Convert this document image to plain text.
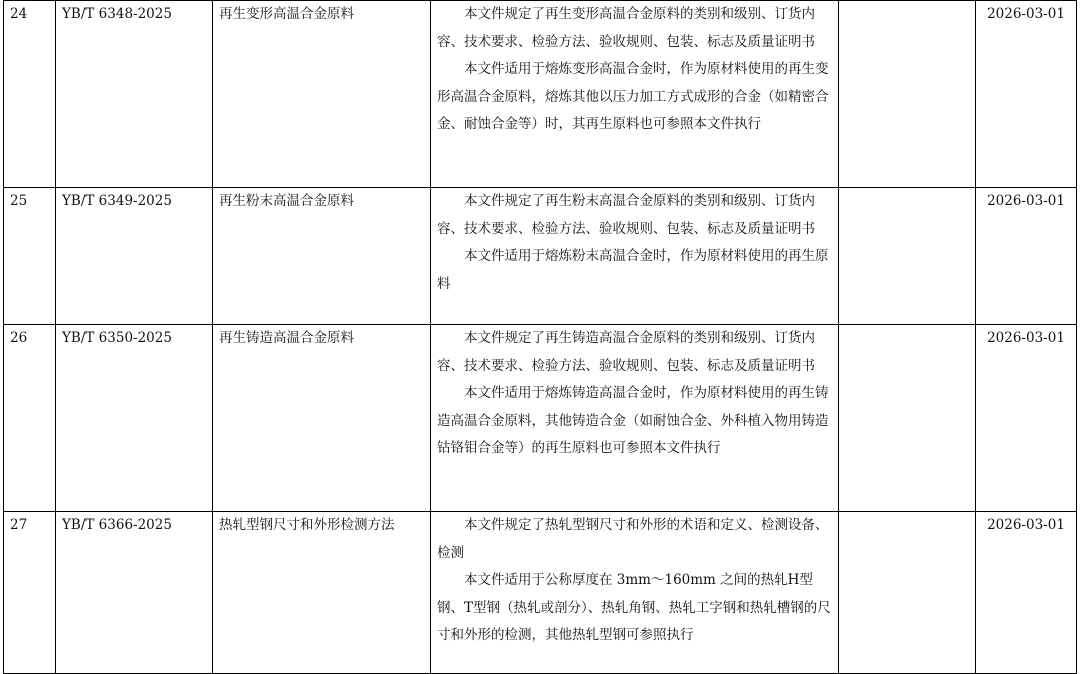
24	YB/T 6348-2025	再生变形高温合金原料	本文件规定了再生变形高温合金原料的类别和级别、订货内容、技术要求、检验方法、验收规则、包装、标志及质量证明书

本文件适用于熔炼变形高温合金时，作为原材料使用的再生变形高温合金原料，熔炼其他以压力加工方式成形的合金（如精密合金、耐蚀合金等）时，其再生原料也可参照本文件执行		2026-03-01
25	YB/T 6349-2025	再生粉末高温合金原料	本文件规定了再生粉末高温合金原料的类别和级别、订货内容、技术要求、检验方法、验收规则、包装、标志及质量证明书

本文件适用于熔炼粉末高温合金时，作为原材料使用的再生原料		2026-03-01
26	YB/T 6350-2025	再生铸造高温合金原料	本文件规定了再生铸造高温合金原料的类别和级别、订货内容、技术要求、检验方法、验收规则、包装、标志及质量证明书

本文件适用于熔炼铸造高温合金时，作为原材料使用的再生铸造高温合金原料，其他铸造合金（如耐蚀合金、外科植入物用铸造钴铬钼合金等）的再生原料也可参照本文件执行		2026-03-01
27	YB/T 6366-2025	热轧型钢尺寸和外形检测方法	本文件规定了热轧型钢尺寸和外形的术语和定义、检测设备、检测

本文件适用于公称厚度在 3mm～160mm 之间的热轧H型钢、T型钢（热轧或剖分）、热轧角钢、热轧工字钢和热轧槽钢的尺寸和外形的检测，其他热轧型钢可参照执行		2026-03-01
